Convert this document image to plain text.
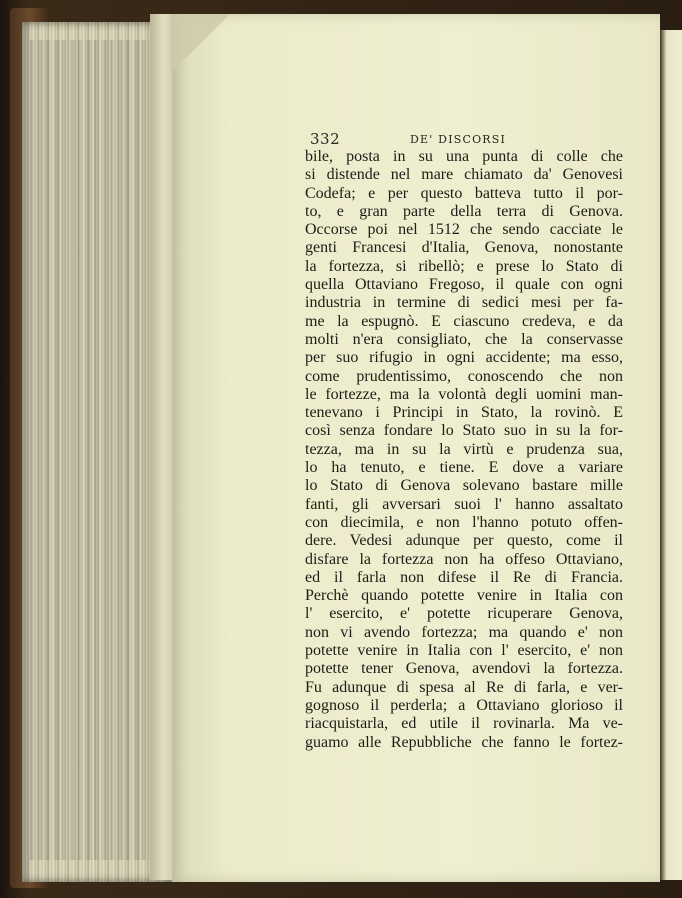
332	DE' DISCORSI
bile, posta in su una punta di colle che
si distende nel mare chiamato da' Genovesi
Codefa; e per questo batteva tutto il por-
to, e gran parte della terra di Genova.
Occorse poi nel 1512 che sendo cacciate le
genti Francesi d'Italia, Genova, nonostante
la fortezza, si ribellò; e prese lo Stato di
quella Ottaviano Fregoso, il quale con ogni
industria in termine di sedici mesi per fa-
me la espugnò. E ciascuno credeva, e da
molti n'era consigliato, che la conservasse
per suo rifugio in ogni accidente; ma esso,
come prudentissimo, conoscendo che non
le fortezze, ma la volontà degli uomini man-
tenevano i Principi in Stato, la rovinò. E
così senza fondare lo Stato suo in su la for-
tezza, ma in su la virtù e prudenza sua,
lo ha tenuto, e tiene. E dove a variare
lo Stato di Genova solevano bastare mille
fanti, gli avversari suoi l' hanno assaltato
con diecimila, e non l'hanno potuto offen-
dere. Vedesi adunque per questo, come il
disfare la fortezza non ha offeso Ottaviano,
ed il farla non difese il Re di Francia.
Perchè quando potette venire in Italia con
l' esercito, e' potette ricuperare Genova,
non vi avendo fortezza; ma quando e' non
potette venire in Italia con l' esercito, e' non
potette tener Genova, avendovi la fortezza.
Fu adunque di spesa al Re di farla, e ver-
gognoso il perderla; a Ottaviano glorioso il
riacquistarla, ed utile il rovinarla. Ma ve-
guamo alle Repubbliche che fanno le fortez-
